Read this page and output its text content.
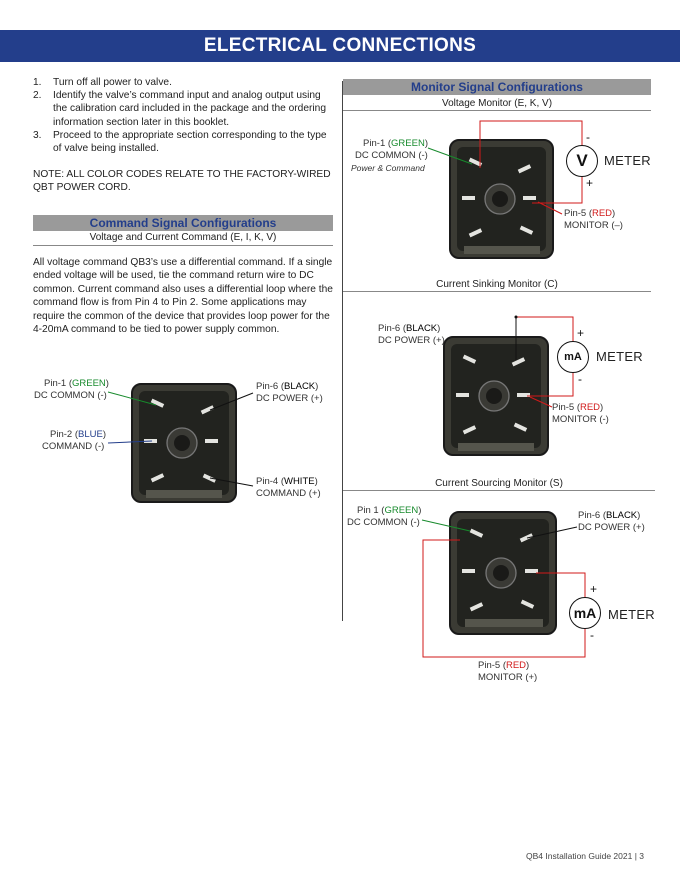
ELECTRICAL CONNECTIONS
1. Turn off all power to valve.
2. Identify the valve’s command input and analog output using the calibration card included in the package and the ordering information section later in this booklet.
3. Proceed to the appropriate section corresponding to the type of valve being installed.
NOTE: ALL COLOR CODES RELATE TO THE FACTORY-WIRED QBT POWER CORD.
Command Signal Configurations
Voltage and Current Command (E, I, K, V)
All voltage command QB3’s use a differential command. If a single ended voltage will be used, tie the command return wire to DC common. Current command also uses a differential loop where the command flow is from Pin 4 to Pin 2. Some applications may require the common of the device that provides loop power for the 4-20mA command to be tied to power supply common.
Pin-1 (GREEN)
DC COMMON (-)
Pin-2 (BLUE)
COMMAND (-)
Pin-6 (BLACK)
DC POWER (+)
Pin-4 (WHITE)
COMMAND (+)
Monitor Signal Configurations
Voltage Monitor (E, K, V)
V	METER
-
+
Pin-1 (GREEN)
DC COMMON (-)
Power & Command
Pin-5 (RED)
MONITOR (–)
Current Sinking Monitor (C)
mA	METER
+
-
Pin-6 (BLACK)
DC POWER (+)
Pin-5 (RED)
MONITOR (-)
Current Sourcing Monitor (S)
mA METER
+
-
Pin 1 (GREEN)
DC COMMON (-)
Pin-6 (BLACK)
DC POWER (+)
Pin-5 (RED)
MONITOR (+)
QB4 Installation Guide 2021 | 3
